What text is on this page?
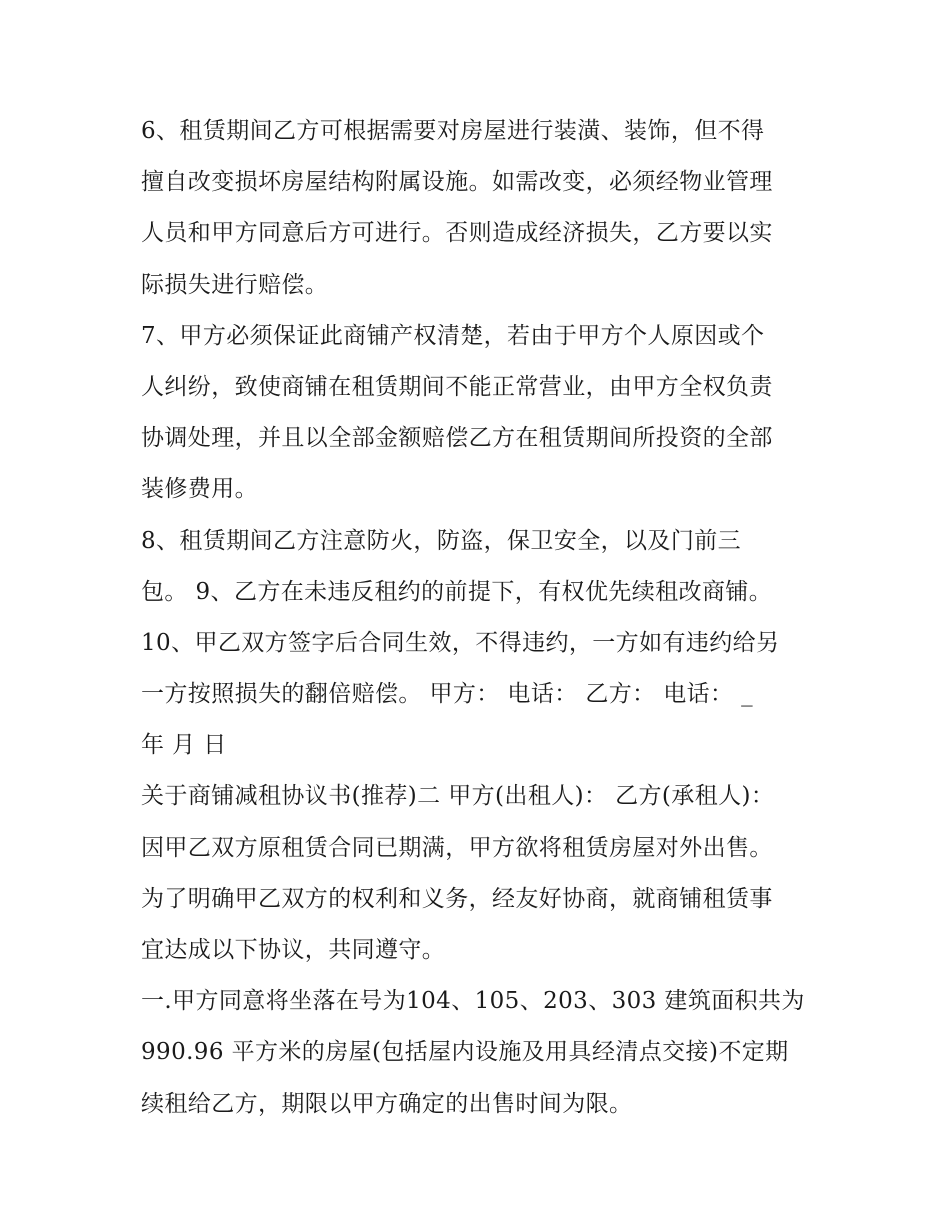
6、租赁期间乙方可根据需要对房屋进行装潢、装饰，但不得
擅自改变损坏房屋结构附属设施。如需改变，必须经物业管理
人员和甲方同意后方可进行。否则造成经济损失，乙方要以实
际损失进行赔偿。
7、甲方必须保证此商铺产权清楚，若由于甲方个人原因或个
人纠纷，致使商铺在租赁期间不能正常营业，由甲方全权负责
协调处理，并且以全部金额赔偿乙方在租赁期间所投资的全部
装修费用。
8、租赁期间乙方注意防火，防盗，保卫安全，以及门前三
包。 9、乙方在未违反租约的前提下，有权优先续租改商铺。
10、甲乙双方签字后合同生效，不得违约，一方如有违约给另
一方按照损失的翻倍赔偿。 甲方： 电话： 乙方： 电话： _
年 月 日
关于商铺减租协议书(推荐)二 甲方(出租人)： 乙方(承租人)：
因甲乙双方原租赁合同已期满，甲方欲将租赁房屋对外出售。
为了明确甲乙双方的权利和义务，经友好协商，就商铺租赁事
宜达成以下协议，共同遵守。
一.甲方同意将坐落在号为104、105、203、303 建筑面积共为
990.96 平方米的房屋(包括屋内设施及用具经清点交接)不定期
续租给乙方，期限以甲方确定的出售时间为限。
